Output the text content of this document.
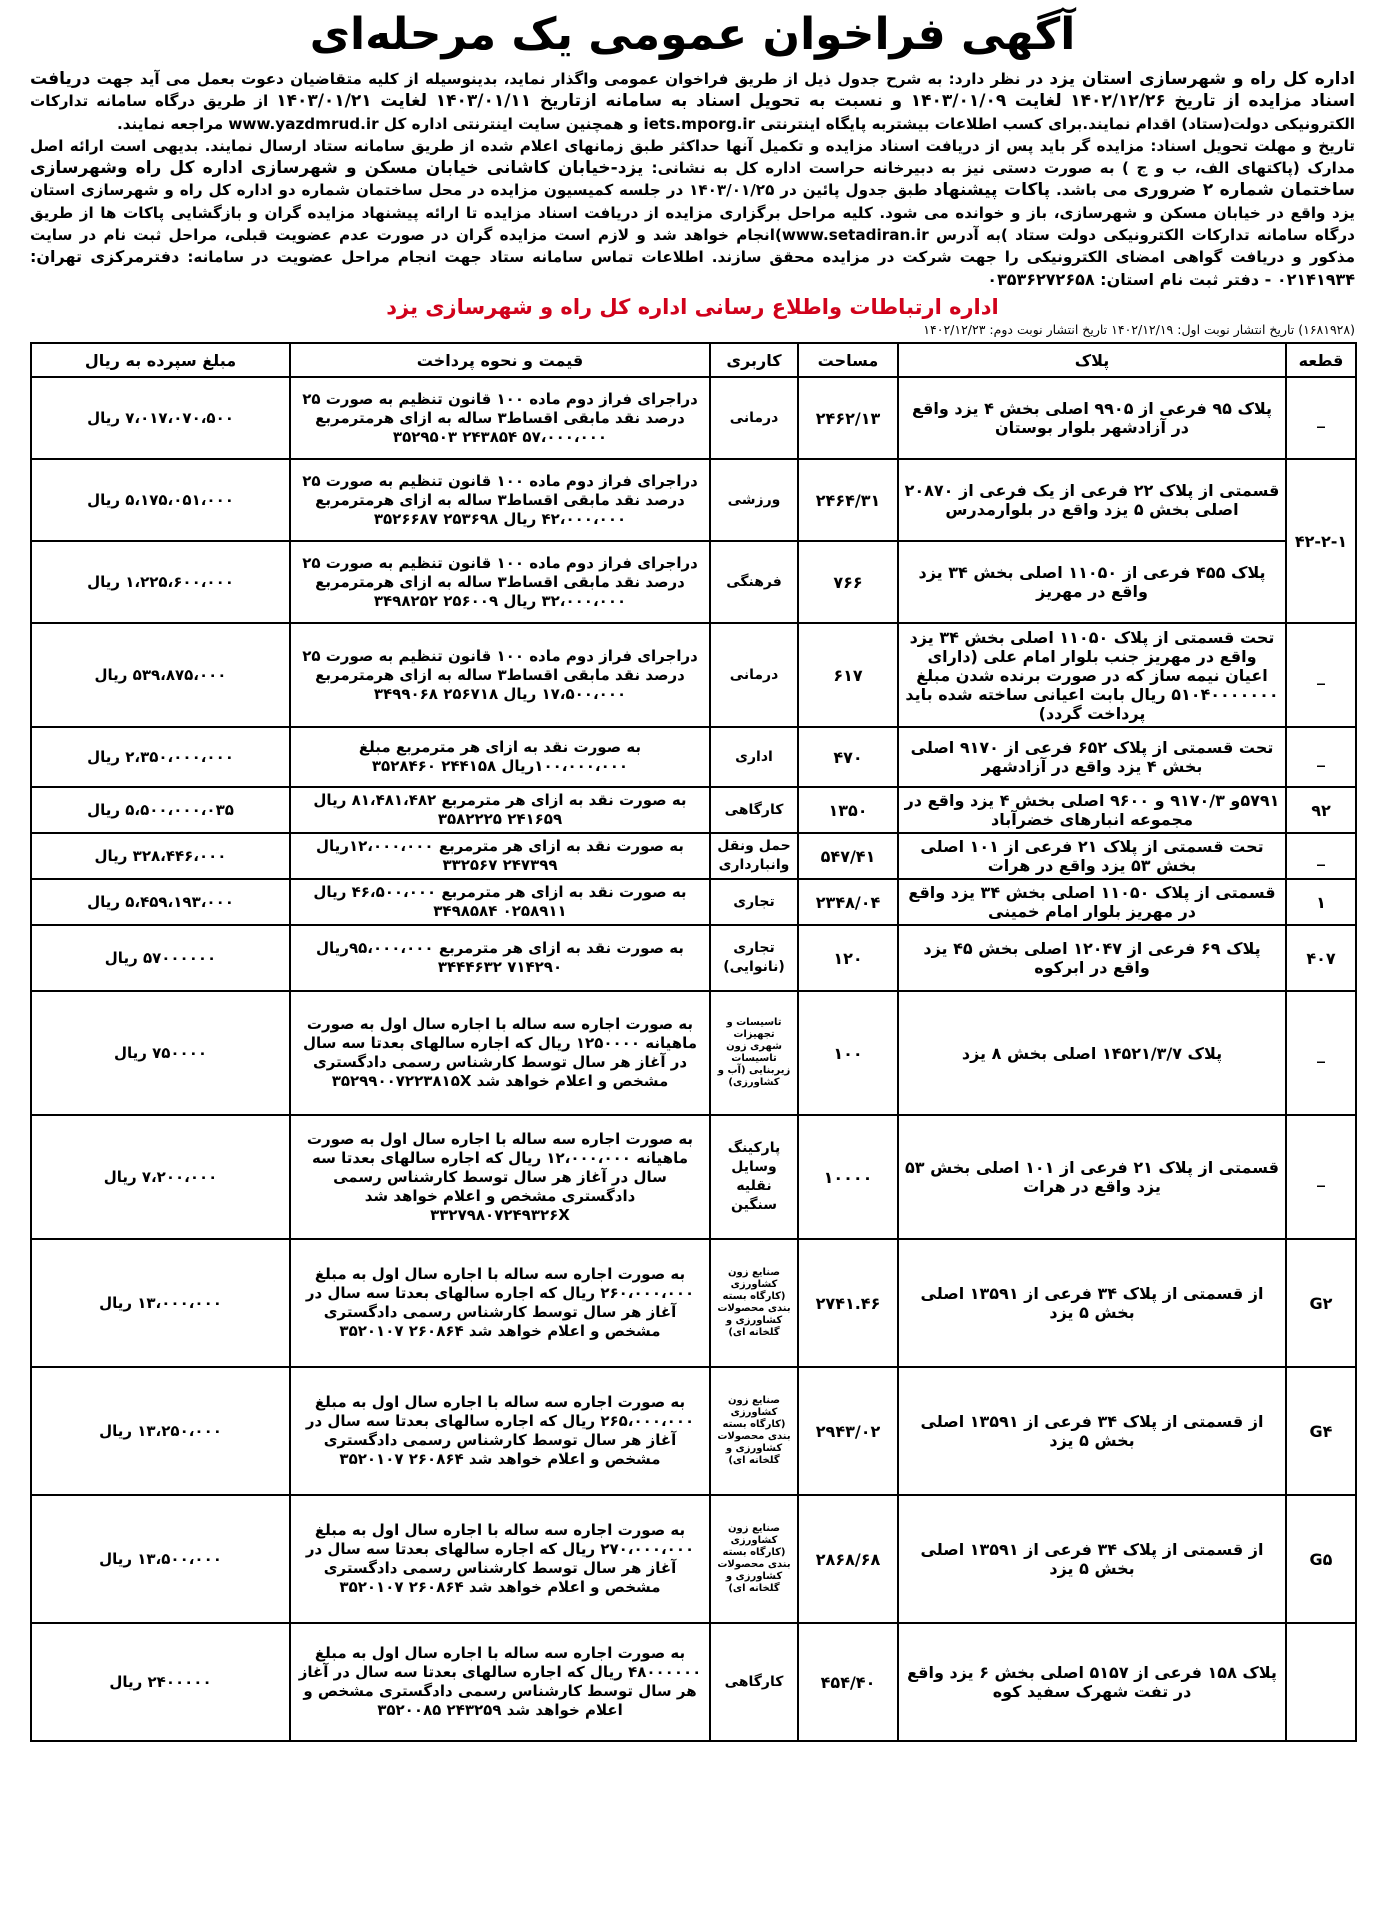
آگهی فراخوان عمومی یک مرحله‌ای

اداره کل راه و شهرسازی استان یزد در نظر دارد: به شرح جدول ذیل از طریق فراخوان عمومی واگذار نماید، بدینوسیله از کلیه متقاضیان دعوت بعمل می آید جهت دریافت اسناد مزایده از تاریخ ۱۴۰۲/۱۲/۲۶ لغایت ۱۴۰۳/۰۱/۰۹ و نسبت به تحویل اسناد به سامانه ازتاریخ ۱۴۰۳/۰۱/۱۱ لغایت ۱۴۰۳/۰۱/۲۱ از طریق درگاه سامانه تدارکات الکترونیکی دولت(ستاد) اقدام نمایند.برای کسب اطلاعات بیشتربه پایگاه اینترنتی iets.mporg.ir و همچنین سایت اینترنتی اداره کل www.yazdmrud.ir مراجعه نمایند.

تاریخ و مهلت تحویل اسناد: مزایده گر باید پس از دریافت اسناد مزایده و تکمیل آنها حداکثر طبق زمانهای اعلام شده از طریق سامانه ستاد ارسال نمایند. بدیهی است ارائه اصل مدارک (پاکتهای الف، ب و ج ) به صورت دستی نیز به دبیرخانه حراست اداره کل به نشانی: یزد-خیابان کاشانی خیابان مسکن و شهرسازی اداره کل راه وشهرسازی ساختمان شماره ۲ ضروری می باشد. پاکات پیشنهاد طبق جدول پائین در ۱۴۰۳/۰۱/۲۵ در جلسه کمیسیون مزایده در محل ساختمان شماره دو اداره کل راه و شهرسازی استان یزد واقع در خیابان مسکن و شهرسازی، باز و خوانده می شود. کلیه مراحل برگزاری مزایده از دریافت اسناد مزایده تا ارائه پیشنهاد مزایده گران و بازگشایی پاکات ها از طریق درگاه سامانه تدارکات الکترونیکی دولت ستاد )به آدرس www.setadiran.ir)انجام خواهد شد و لازم است مزایده گران در صورت عدم عضویت قبلی، مراحل ثبت نام در سایت مذکور و دریافت گواهی امضای الکترونیکی را جهت شرکت در مزایده محقق سازند. اطلاعات تماس سامانه ستاد جهت انجام مراحل عضویت در سامانه: دفترمرکزی تهران: ۰۲۱۴۱۹۳۴ - دفتر ثبت نام استان: ۰۳۵۳۶۲۷۲۶۵۸

اداره ارتباطات واطلاع رسانی اداره کل راه و شهرسازی یزد
(۱۶۸۱۹۲۸) تاریخ انتشار نوبت اول: ۱۴۰۲/۱۲/۱۹ تاریخ انتشار نوبت دوم: ۱۴۰۲/۱۲/۲۳
قطعه	پلاک	مساحت	کاربری	قیمت و نحوه پرداخت	مبلغ سپرده به ریال
_	پلاک ۹۵ فرعی از ۹۹۰۵ اصلی بخش ۴ یزد واقع در آزادشهر بلوار بوستان	۲۴۶۲/۱۳	درمانی	دراجرای فراز دوم ماده ۱۰۰ قانون تنظیم به صورت ۲۵ درصد نقد مابقی اقساط۳ ساله به ازای هرمترمربع ۵۷،۰۰۰،۰۰۰ ۲۴۳۸۵۴ ۳۵۲۹۵۰۳	۷،۰۱۷،۰۷۰،۵۰۰ ریال
۴۲-۲-۱	قسمتی از پلاک ۲۲ فرعی از یک فرعی از ۲۰۸۷۰ اصلی بخش ۵ یزد واقع در بلوارمدرس	۲۴۶۴/۳۱	ورزشی	دراجرای فراز دوم ماده ۱۰۰ قانون تنظیم به صورت ۲۵ درصد نقد مابقی اقساط۳ ساله به ازای هرمترمربع ۴۲،۰۰۰،۰۰۰ ریال ۲۵۳۶۹۸ ۳۵۲۶۶۸۷	۵،۱۷۵،۰۵۱،۰۰۰ ریال
	پلاک ۴۵۵ فرعی از ۱۱۰۵۰ اصلی بخش ۳۴ یزد واقع در مهریز	۷۶۶	فرهنگی	دراجرای فراز دوم ماده ۱۰۰ قانون تنظیم به صورت ۲۵ درصد نقد مابقی اقساط۳ ساله به ازای هرمترمربع ۳۲،۰۰۰،۰۰۰ ریال ۲۵۶۰۰۹ ۳۴۹۸۲۵۲	۱،۲۲۵،۶۰۰،۰۰۰ ریال
_	تحت قسمتی از پلاک ۱۱۰۵۰ اصلی بخش ۳۴ یزد واقع در مهریز جنب بلوار امام علی (دارای اعیان نیمه ساز که در صورت برنده شدن مبلغ ۵۱۰۴۰۰۰۰۰۰۰ ریال بابت اعیانی ساخته شده باید پرداخت گردد)	۶۱۷	درمانی	دراجرای فراز دوم ماده ۱۰۰ قانون تنظیم به صورت ۲۵ درصد نقد مابقی اقساط۳ ساله به ازای هرمترمربع ۱۷،۵۰۰،۰۰۰ ریال ۲۵۶۷۱۸ ۳۴۹۹۰۶۸	۵۳۹،۸۷۵،۰۰۰ ریال
_	تحت قسمتی از پلاک ۶۵۲ فرعی از ۹۱۷۰ اصلی بخش ۴ یزد واقع در آزادشهر	۴۷۰	اداری	به صورت نقد به ازای هر مترمربع مبلغ ۱۰۰،۰۰۰،۰۰۰ریال ۲۴۴۱۵۸ ۳۵۲۸۴۶۰	۲،۳۵۰،۰۰۰،۰۰۰ ریال
۹۲	۵۷۹۱و ۹۱۷۰/۳ و ۹۶۰۰ اصلی بخش ۴ یزد واقع در مجموعه انبارهای خضرآباد	۱۳۵۰	کارگاهی	به صورت نقد به ازای هر مترمربع ۸۱،۴۸۱،۴۸۲ ریال ۲۴۱۶۵۹ ۳۵۸۲۲۲۵	۵،۵۰۰،۰۰۰،۰۳۵ ریال
_	تحت قسمتی از پلاک ۲۱ فرعی از ۱۰۱ اصلی بخش ۵۳ یزد واقع در هرات	۵۴۷/۴۱	حمل ونقل وانبارداری	به صورت نقد به ازای هر مترمربع ۱۲،۰۰۰،۰۰۰ریال ۲۴۷۳۹۹ ۳۳۲۵۶۷	۳۲۸،۴۴۶،۰۰۰ ریال
۱	قسمتی از پلاک ۱۱۰۵۰ اصلی بخش ۳۴ یزد واقع در مهریز بلوار امام خمینی	۲۳۴۸/۰۴	تجاری	به صورت نقد به ازای هر مترمربع ۴۶،۵۰۰،۰۰۰ ریال ۰۲۵۸۹۱۱ ۳۴۹۸۵۸۴	۵،۴۵۹،۱۹۳،۰۰۰ ریال
۴۰۷	پلاک ۶۹ فرعی از ۱۲۰۴۷ اصلی بخش ۴۵ یزد واقع در ابرکوه	۱۲۰	تجاری (نانوایی)	به صورت نقد به ازای هر مترمربع ۹۵،۰۰۰،۰۰۰ریال ۷۱۴۲۹۰ ۳۴۴۴۶۳۲	۵۷۰۰۰۰۰۰ ریال
_	پلاک ۱۴۵۲۱/۳/۷ اصلی بخش ۸ یزد	۱۰۰	تاسیسات و تجهیزات شهری زون تاسیسات زیربنایی (آب و کشاورزی)	به صورت اجاره سه ساله با اجاره سال اول به صورت ماهیانه ۱۲۵۰۰۰۰ ریال که اجاره سالهای بعدتا سه سال در آغاز هر سال توسط کارشناس رسمی دادگستری مشخص و اعلام خواهد شد ۳۵۲۹۹۰۰۷۲۲۳۸۱۵X	۷۵۰۰۰۰ ریال
_	قسمتی از پلاک ۲۱ فرعی از ۱۰۱ اصلی بخش ۵۳ یزد واقع در هرات	۱۰۰۰۰	پارکینگ وسایل نقلیه سنگین	به صورت اجاره سه ساله با اجاره سال اول به صورت ماهیانه ۱۲،۰۰۰،۰۰۰ ریال که اجاره سالهای بعدتا سه سال در آغاز هر سال توسط کارشناس رسمی دادگستری مشخص و اعلام خواهد شد ۳۳۲۷۹۸۰۷۲۴۹۳۲۶X	۷،۲۰۰،۰۰۰ ریال
G۲	از قسمتی از پلاک ۳۴ فرعی از ۱۳۵۹۱ اصلی بخش ۵ یزد	۲۷۴۱.۴۶	صنایع زون کشاورزی (کارگاه بسته بندی محصولات کشاورزی و گلخانه ای)	به صورت اجاره سه ساله با اجاره سال اول به مبلغ ۲۶۰،۰۰۰،۰۰۰ ریال که اجاره سالهای بعدتا سه سال در آغاز هر سال توسط کارشناس رسمی دادگستری مشخص و اعلام خواهد شد ۲۶۰۸۶۴ ۳۵۲۰۱۰۷	۱۳،۰۰۰،۰۰۰ ریال
G۴	از قسمتی از پلاک ۳۴ فرعی از ۱۳۵۹۱ اصلی بخش ۵ یزد	۲۹۴۳/۰۲	صنایع زون کشاورزی (کارگاه بسته بندی محصولات کشاورزی و گلخانه ای)	به صورت اجاره سه ساله با اجاره سال اول به مبلغ ۲۶۵،۰۰۰،۰۰۰ ریال که اجاره سالهای بعدتا سه سال در آغاز هر سال توسط کارشناس رسمی دادگستری مشخص و اعلام خواهد شد ۲۶۰۸۶۴ ۳۵۲۰۱۰۷	۱۳،۲۵۰،۰۰۰ ریال
G۵	از قسمتی از پلاک ۳۴ فرعی از ۱۳۵۹۱ اصلی بخش ۵ یزد	۲۸۶۸/۶۸	صنایع زون کشاورزی (کارگاه بسته بندی محصولات کشاورزی و گلخانه ای)	به صورت اجاره سه ساله با اجاره سال اول به مبلغ ۲۷۰،۰۰۰،۰۰۰ ریال که اجاره سالهای بعدتا سه سال در آغاز هر سال توسط کارشناس رسمی دادگستری مشخص و اعلام خواهد شد ۲۶۰۸۶۴ ۳۵۲۰۱۰۷	۱۳،۵۰۰،۰۰۰ ریال
	پلاک ۱۵۸ فرعی از ۵۱۵۷ اصلی بخش ۶ یزد واقع در تفت شهرک سفید کوه	۴۵۴/۴۰	کارگاهی	به صورت اجاره سه ساله با اجاره سال اول به مبلغ ۴۸۰۰۰۰۰۰ ریال که اجاره سالهای بعدتا سه سال در آغاز هر سال توسط کارشناس رسمی دادگستری مشخص و اعلام خواهد شد ۲۴۳۲۵۹ ۳۵۲۰۰۸۵	۲۴۰۰۰۰۰ ریال
